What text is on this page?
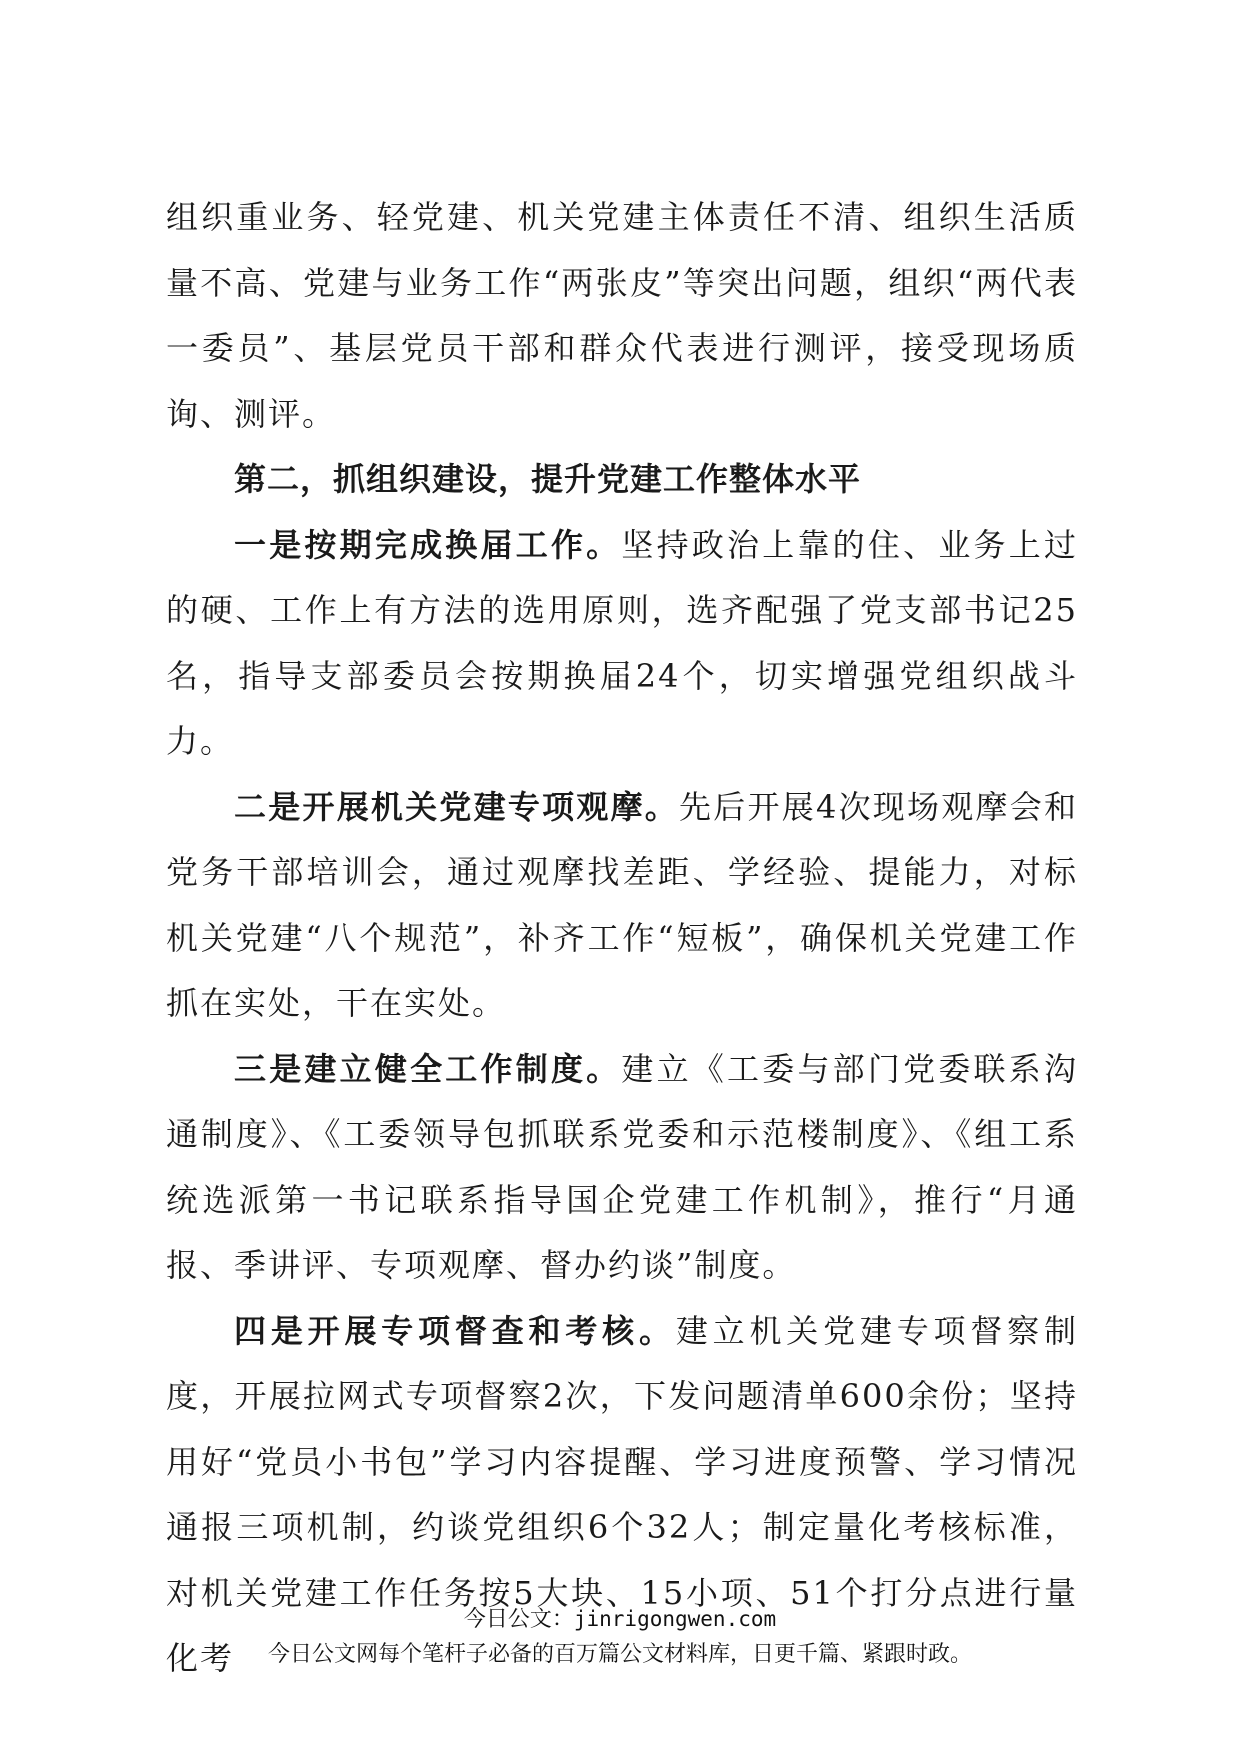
组织重业务、轻党建、机关党建主体责任不清、组织生活质量不高、党建与业务工作“两张皮”等突出问题，组织“两代表一委员”、基层党员干部和群众代表进行测评，接受现场质询、测评。

第二，抓组织建设，提升党建工作整体水平

一是按期完成换届工作。坚持政治上靠的住、业务上过的硬、工作上有方法的选用原则，选齐配强了党支部书记25名，指导支部委员会按期换届24个，切实增强党组织战斗力。

二是开展机关党建专项观摩。先后开展4次现场观摩会和党务干部培训会，通过观摩找差距、学经验、提能力，对标机关党建“八个规范”，补齐工作“短板”，确保机关党建工作抓在实处，干在实处。

三是建立健全工作制度。建立《工委与部门党委联系沟通制度》、《工委领导包抓联系党委和示范楼制度》、《组工系统选派第一书记联系指导国企党建工作机制》，推行“月通报、季讲评、专项观摩、督办约谈”制度。

四是开展专项督查和考核。建立机关党建专项督察制度，开展拉网式专项督察2次，下发问题清单600余份；坚持用好“党员小书包”学习内容提醒、学习进度预警、学习情况通报三项机制，约谈党组织6个32人；制定量化考核标准，对机关党建工作任务按5大块、15小项、51个打分点进行量化考

今日公文：jinrigongwen.com
今日公文网每个笔杆子必备的百万篇公文材料库，日更千篇、紧跟时政。
